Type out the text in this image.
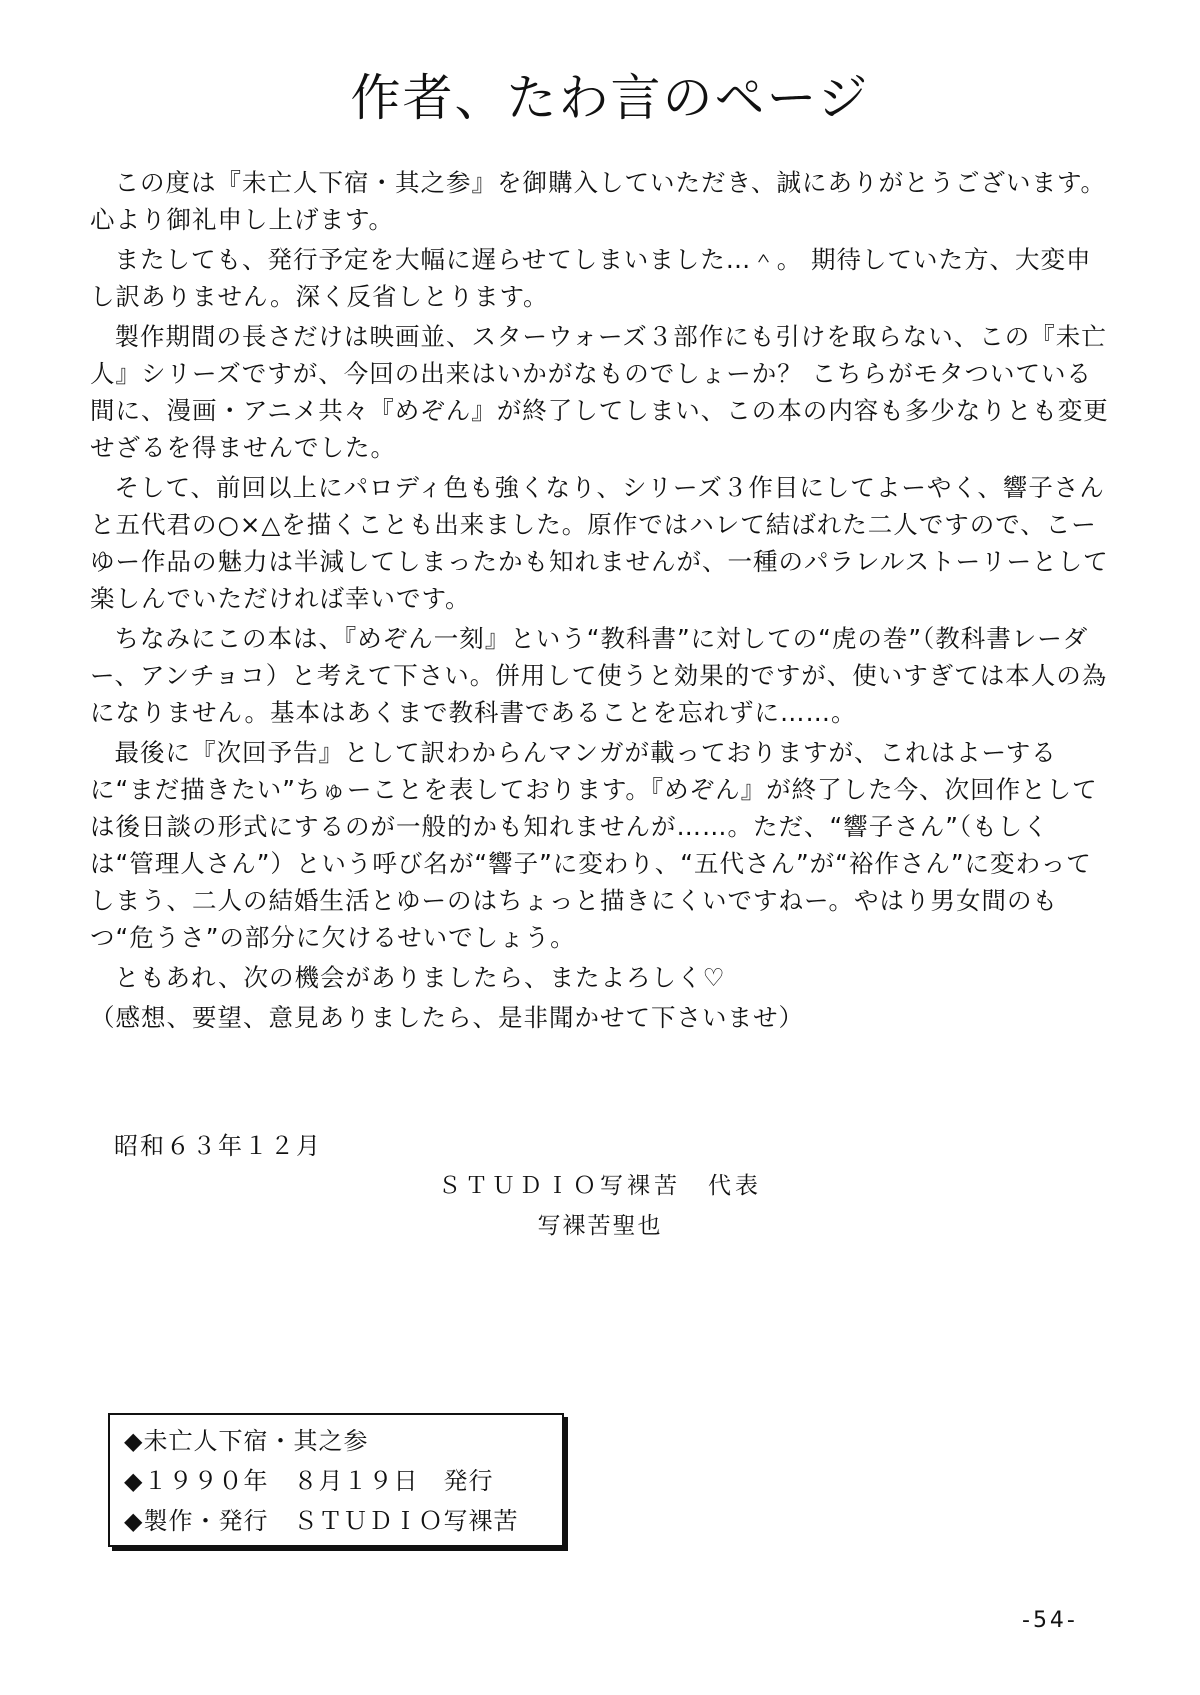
作者、たわ言のページ

この度は『未亡人下宿・其之参』を御購入していただき、誠にありがとうございます。心より御礼申し上げます。

またしても、発行予定を大幅に遅らせてしまいました…＾。 期待していた方、大変申し訳ありません。深く反省しとります。

製作期間の長さだけは映画並、スターウォーズ３部作にも引けを取らない、この『未亡人』シリーズですが、今回の出来はいかがなものでしょーか？ こちらがモタついている間に、漫画・アニメ共々『めぞん』が終了してしまい、この本の内容も多少なりとも変更せざるを得ませんでした。

そして、前回以上にパロディ色も強くなり、シリーズ３作目にしてよーやく、響子さんと五代君の○×△を描くことも出来ました。原作ではハレて結ばれた二人ですので、こーゆー作品の魅力は半減してしまったかも知れませんが、一種のパラレルストーリーとして楽しんでいただければ幸いです。

ちなみにこの本は、『めぞん一刻』という“教科書”に対しての“虎の巻”（教科書レーダー、アンチョコ）と考えて下さい。併用して使うと効果的ですが、使いすぎては本人の為になりません。基本はあくまで教科書であることを忘れずに……。

最後に『次回予告』として訳わからんマンガが載っておりますが、これはよーするに“まだ描きたい”ちゅーことを表しております。『めぞん』が終了した今、次回作としては後日談の形式にするのが一般的かも知れませんが……。ただ、“響子さん”（もしくは“管理人さん”）という呼び名が“響子”に変わり、“五代さん”が“裕作さん”に変わってしまう、二人の結婚生活とゆーのはちょっと描きにくいですねー。やはり男女間のもつ“危うさ”の部分に欠けるせいでしょう。

ともあれ、次の機会がありましたら、またよろしく♡

（感想、要望、意見ありましたら、是非聞かせて下さいませ）

昭和６３年１２月
ＳＴＵＤＩＯ写裸苦　代表
写裸苦聖也
◆未亡人下宿・其之参
◆１９９０年　８月１９日　発行
◆製作・発行　ＳＴＵＤＩＯ写裸苦
-54-
